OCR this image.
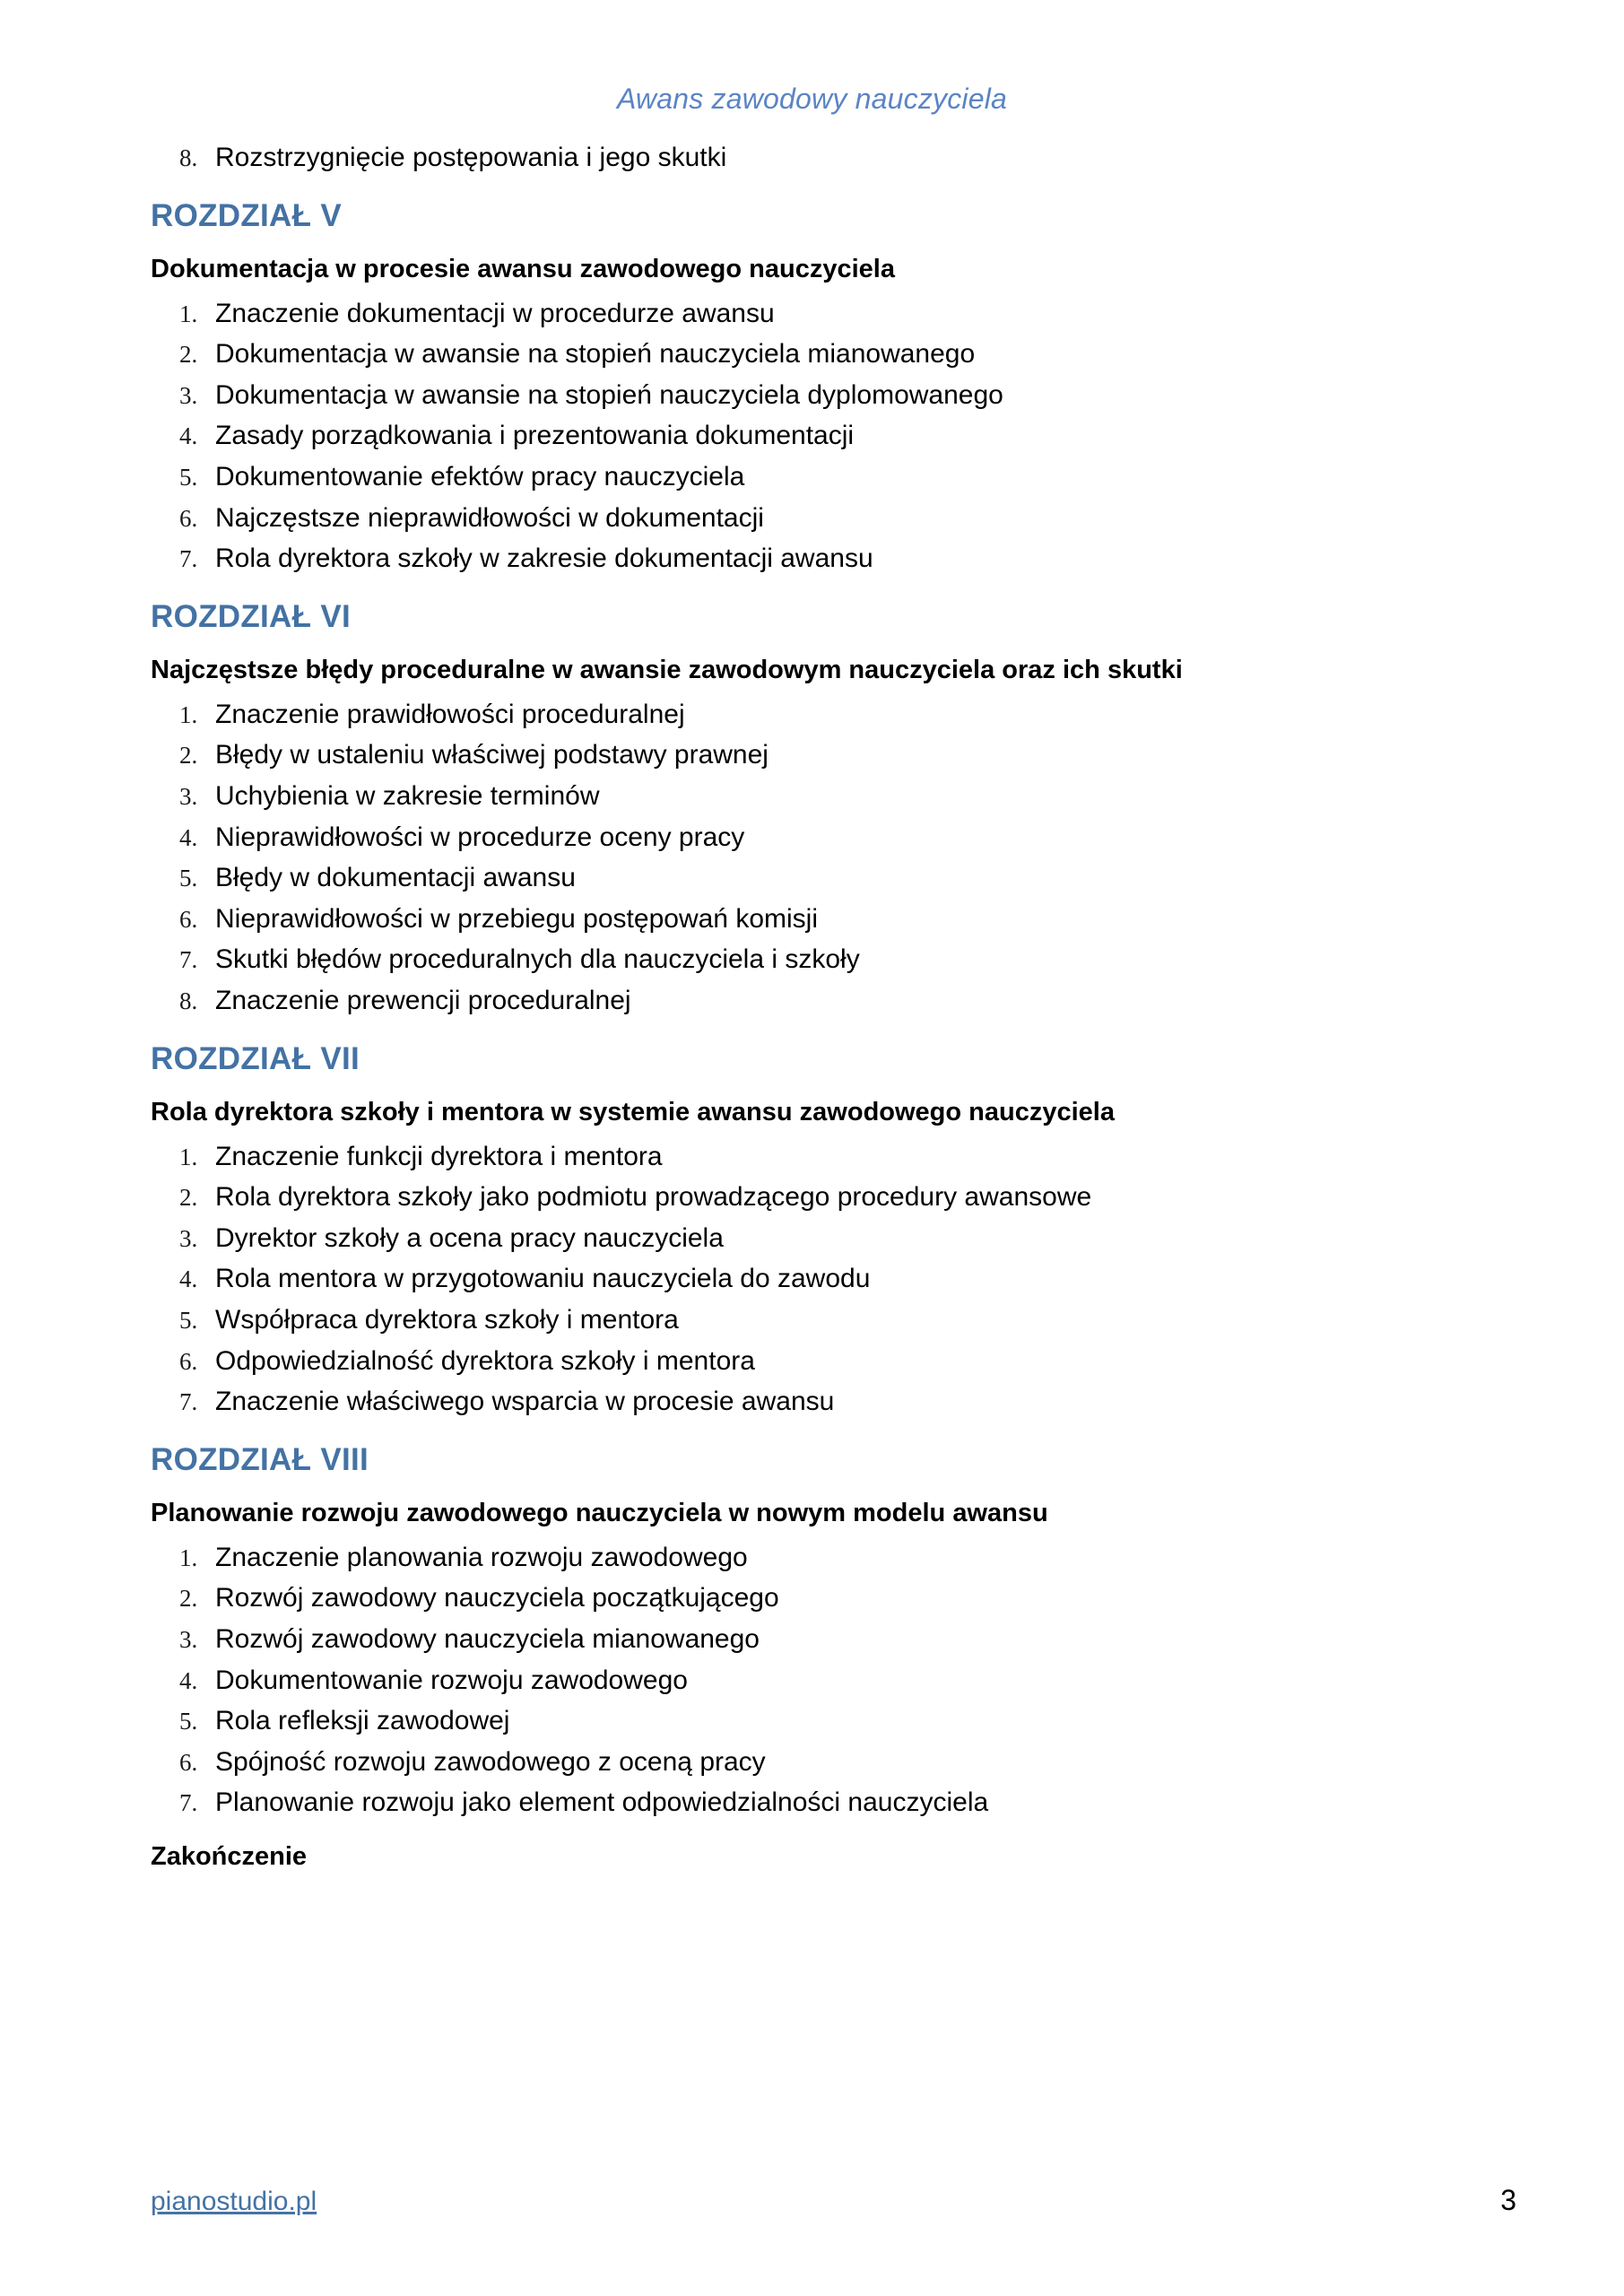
Awans zawodowy nauczyciela
8. Rozstrzygnięcie postępowania i jego skutki
ROZDZIAŁ V

Dokumentacja w procesie awansu zawodowego nauczyciela

1. Znaczenie dokumentacji w procedurze awansu
2. Dokumentacja w awansie na stopień nauczyciela mianowanego
3. Dokumentacja w awansie na stopień nauczyciela dyplomowanego
4. Zasady porządkowania i prezentowania dokumentacji
5. Dokumentowanie efektów pracy nauczyciela
6. Najczęstsze nieprawidłowości w dokumentacji
7. Rola dyrektora szkoły w zakresie dokumentacji awansu
ROZDZIAŁ VI

Najczęstsze błędy proceduralne w awansie zawodowym nauczyciela oraz ich skutki

1. Znaczenie prawidłowości proceduralnej
2. Błędy w ustaleniu właściwej podstawy prawnej
3. Uchybienia w zakresie terminów
4. Nieprawidłowości w procedurze oceny pracy
5. Błędy w dokumentacji awansu
6. Nieprawidłowości w przebiegu postępowań komisji
7. Skutki błędów proceduralnych dla nauczyciela i szkoły
8. Znaczenie prewencji proceduralnej
ROZDZIAŁ VII

Rola dyrektora szkoły i mentora w systemie awansu zawodowego nauczyciela

1. Znaczenie funkcji dyrektora i mentora
2. Rola dyrektora szkoły jako podmiotu prowadzącego procedury awansowe
3. Dyrektor szkoły a ocena pracy nauczyciela
4. Rola mentora w przygotowaniu nauczyciela do zawodu
5. Współpraca dyrektora szkoły i mentora
6. Odpowiedzialność dyrektora szkoły i mentora
7. Znaczenie właściwego wsparcia w procesie awansu
ROZDZIAŁ VIII

Planowanie rozwoju zawodowego nauczyciela w nowym modelu awansu

1. Znaczenie planowania rozwoju zawodowego
2. Rozwój zawodowy nauczyciela początkującego
3. Rozwój zawodowy nauczyciela mianowanego
4. Dokumentowanie rozwoju zawodowego
5. Rola refleksji zawodowej
6. Spójność rozwoju zawodowego z oceną pracy
7. Planowanie rozwoju jako element odpowiedzialności nauczyciela

Zakończenie

pianostudio.pl	3
